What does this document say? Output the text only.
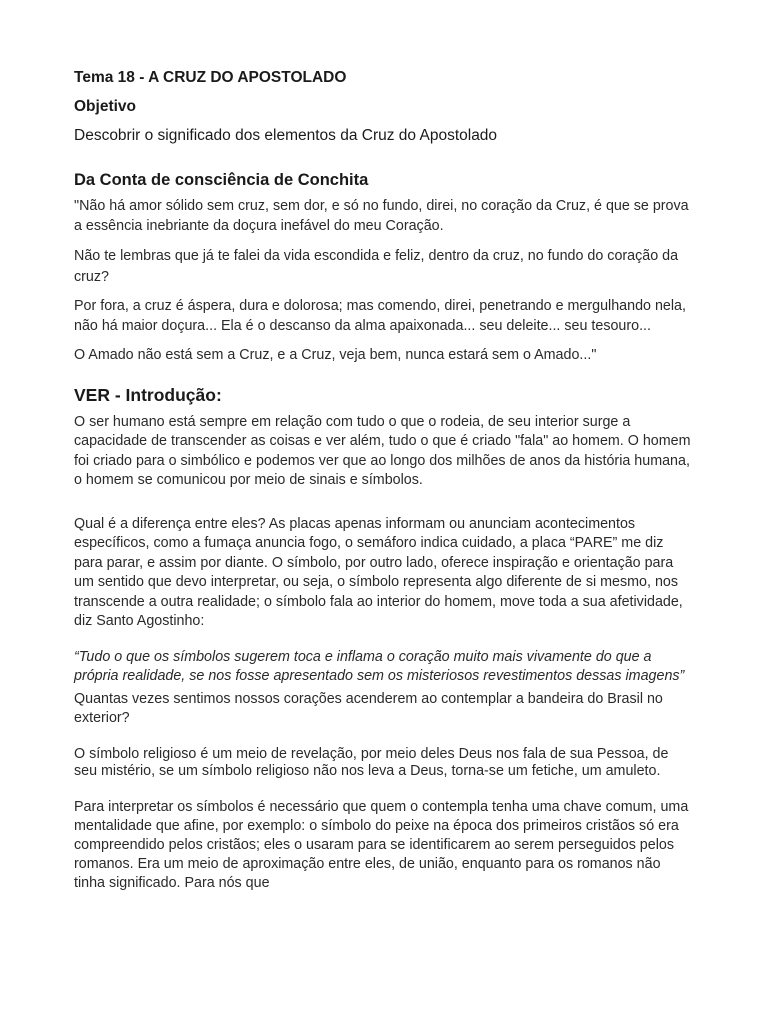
Tema 18 - A CRUZ DO APOSTOLADO
Objetivo

Descobrir o significado dos elementos da Cruz do Apostolado

Da Conta de consciência de Conchita

"Não há amor sólido sem cruz, sem dor, e só no fundo, direi, no coração da Cruz, é que se prova a essência inebriante da doçura inefável do meu Coração.

Não te lembras que já te falei da vida escondida e feliz, dentro da cruz, no fundo do coração da cruz?

Por fora, a cruz é áspera, dura e dolorosa; mas comendo, direi, penetrando e mergulhando nela, não há maior doçura... Ela é o descanso da alma apaixonada... seu deleite... seu tesouro...

O Amado não está sem a Cruz, e a Cruz, veja bem, nunca estará sem o Amado..."

VER - Introdução:

O ser humano está sempre em relação com tudo o que o rodeia, de seu interior surge a capacidade de transcender as coisas e ver além, tudo o que é criado "fala" ao homem. O homem foi criado para o simbólico e podemos ver que ao longo dos milhões de anos da história humana, o homem se comunicou por meio de sinais e símbolos.

Qual é a diferença entre eles? As placas apenas informam ou anunciam acontecimentos específicos, como a fumaça anuncia fogo, o semáforo indica cuidado, a placa “PARE” me diz para parar, e assim por diante. O símbolo, por outro lado, oferece inspiração e orientação para um sentido que devo interpretar, ou seja, o símbolo representa algo diferente de si mesmo, nos transcende a outra realidade; o símbolo fala ao interior do homem, move toda a sua afetividade, diz Santo Agostinho:

“Tudo o que os símbolos sugerem toca e inflama o coração muito mais vivamente do que a própria realidade, se nos fosse apresentado sem os misteriosos revestimentos dessas imagens”

Quantas vezes sentimos nossos corações acenderem ao contemplar a bandeira do Brasil no exterior?

O símbolo religioso é um meio de revelação, por meio deles Deus nos fala de sua Pessoa, de seu mistério, se um símbolo religioso não nos leva a Deus, torna-se um fetiche, um amuleto.

Para interpretar os símbolos é necessário que quem o contempla tenha uma chave comum, uma mentalidade que afine, por exemplo: o símbolo do peixe na época dos primeiros cristãos só era compreendido pelos cristãos; eles o usaram para se identificarem ao serem perseguidos pelos romanos. Era um meio de aproximação entre eles, de união, enquanto para os romanos não tinha significado. Para nós que
